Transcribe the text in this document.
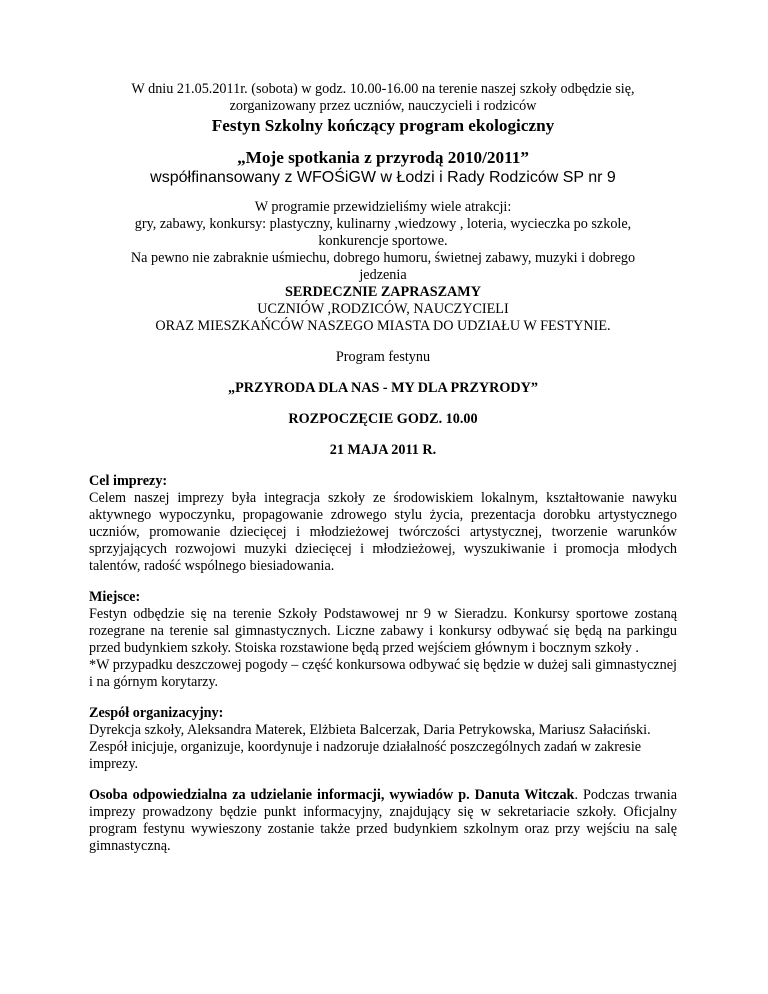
W dniu 21.05.2011r. (sobota) w godz. 10.00-16.00 na terenie naszej szkoły odbędzie się,

zorganizowany przez uczniów, nauczycieli i rodziców

Festyn Szkolny kończący program ekologiczny

„Moje spotkania z przyrodą 2010/2011”

współfinansowany z WFOŚiGW w Łodzi i Rady Rodziców SP nr 9

W programie przewidzieliśmy wiele atrakcji:

gry, zabawy, konkursy: plastyczny, kulinarny ,wiedzowy , loteria, wycieczka po szkole,

konkurencje sportowe.

Na pewno nie zabraknie uśmiechu, dobrego humoru, świetnej zabawy, muzyki i dobrego

jedzenia

SERDECZNIE ZAPRASZAMY

UCZNIÓW ,RODZICÓW, NAUCZYCIELI

ORAZ MIESZKAŃCÓW NASZEGO MIASTA DO UDZIAŁU W FESTYNIE.

Program festynu

„PRZYRODA DLA NAS - MY DLA PRZYRODY”

ROZPOCZĘCIE GODZ. 10.00

21 MAJA 2011 R.

Cel imprezy:

Celem naszej imprezy była integracja szkoły ze środowiskiem lokalnym, kształtowanie nawyku aktywnego wypoczynku, propagowanie zdrowego stylu życia, prezentacja dorobku artystycznego uczniów, promowanie dziecięcej i młodzieżowej twórczości artystycznej, tworzenie warunków sprzyjających rozwojowi muzyki dziecięcej i młodzieżowej, wyszukiwanie i promocja młodych talentów, radość wspólnego biesiadowania.

Miejsce:

Festyn odbędzie się na terenie Szkoły Podstawowej nr 9 w Sieradzu. Konkursy sportowe zostaną rozegrane na terenie sal gimnastycznych. Liczne zabawy i konkursy odbywać się będą na parkingu przed budynkiem szkoły. Stoiska rozstawione będą przed wejściem głównym i bocznym szkoły .

*W przypadku deszczowej pogody – część konkursowa odbywać się będzie w dużej sali gimnastycznej i na górnym korytarzy.

Zespół organizacyjny:

Dyrekcja szkoły, Aleksandra Materek, Elżbieta Balcerzak, Daria Petrykowska, Mariusz Sałaciński. Zespół inicjuje, organizuje, koordynuje i nadzoruje działalność poszczególnych zadań w zakresie imprezy.

Osoba odpowiedzialna za udzielanie informacji, wywiadów p. Danuta Witczak. Podczas trwania imprezy prowadzony będzie punkt informacyjny, znajdujący się w sekretariacie szkoły. Oficjalny program festynu wywieszony zostanie także przed budynkiem szkolnym oraz przy wejściu na salę gimnastyczną.
